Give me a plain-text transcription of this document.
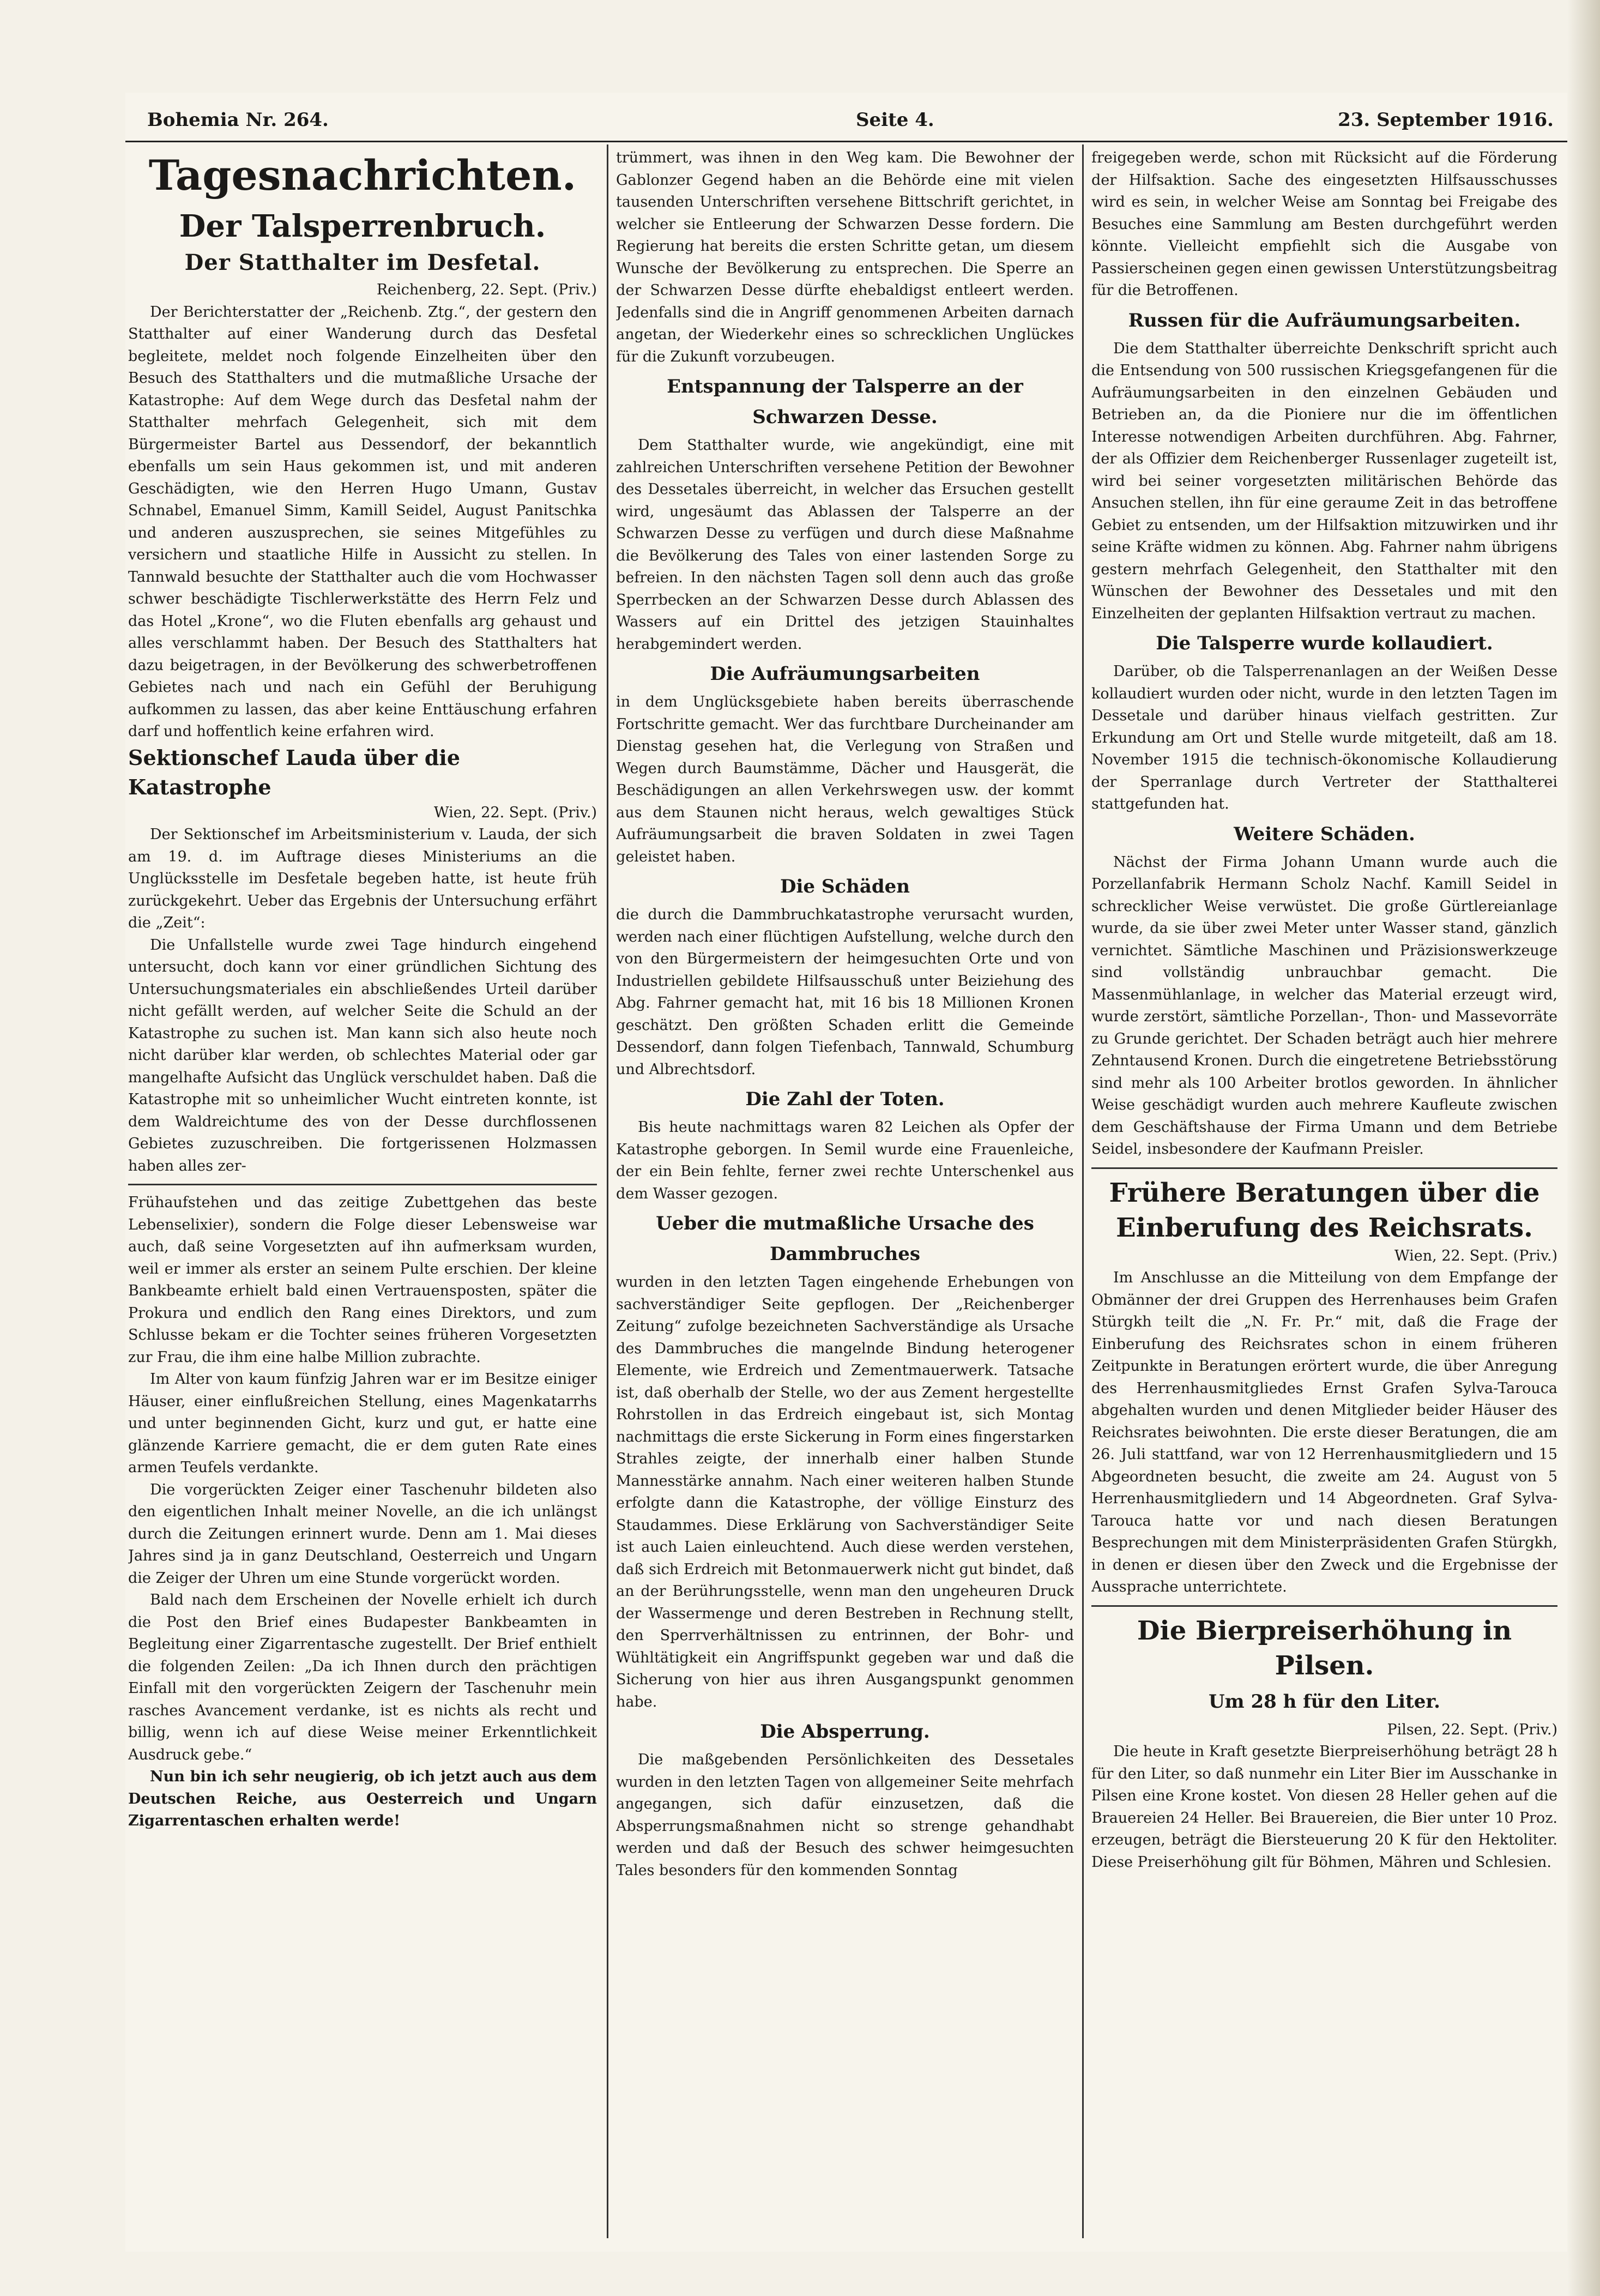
Bohemia Nr. 264.	Seite 4.	23. September 1916.
Tagesnachrichten.
Der Talsperrenbruch.
Der Statthalter im Desfetal.

Reichenberg, 22. Sept. (Priv.)

Der Berichterstatter der „Reichenb. Ztg.“, der gestern den Statthalter auf einer Wanderung durch das Desfetal begleitete, meldet noch folgende Einzelheiten über den Besuch des Statthalters und die mutmaßliche Ursache der Katastrophe: Auf dem Wege durch das Desfetal nahm der Statthalter mehrfach Gelegenheit, sich mit dem Bürgermeister Bartel aus Dessendorf, der bekanntlich ebenfalls um sein Haus gekommen ist, und mit anderen Geschädigten, wie den Herren Hugo Umann, Gustav Schnabel, Emanuel Simm, Kamill Seidel, August Panitschka und anderen auszusprechen, sie seines Mitgefühles zu versichern und staatliche Hilfe in Aussicht zu stellen. In Tannwald besuchte der Statthalter auch die vom Hochwasser schwer beschädigte Tischlerwerkstätte des Herrn Felz und das Hotel „Krone“, wo die Fluten ebenfalls arg gehaust und alles verschlammt haben. Der Besuch des Statthalters hat dazu beigetragen, in der Bevölkerung des schwerbetroffenen Gebietes nach und nach ein Gefühl der Beruhigung aufkommen zu lassen, das aber keine Enttäuschung erfahren darf und hoffentlich keine erfahren wird.

Sektionschef Lauda über die Katastrophe

Wien, 22. Sept. (Priv.)

Der Sektionschef im Arbeitsministerium v. Lauda, der sich am 19. d. im Auftrage dieses Ministeriums an die Unglücksstelle im Desfetale begeben hatte, ist heute früh zurückgekehrt. Ueber das Ergebnis der Untersuchung erfährt die „Zeit“:

Die Unfallstelle wurde zwei Tage hindurch eingehend untersucht, doch kann vor einer gründlichen Sichtung des Untersuchungsmateriales ein abschließendes Urteil darüber nicht gefällt werden, auf welcher Seite die Schuld an der Katastrophe zu suchen ist. Man kann sich also heute noch nicht darüber klar werden, ob schlechtes Material oder gar mangelhafte Aufsicht das Unglück verschuldet haben. Daß die Katastrophe mit so unheimlicher Wucht eintreten konnte, ist dem Waldreichtume des von der Desse durchflossenen Gebietes zuzuschreiben. Die fortgerissenen Holzmassen haben alles zer-

Frühaufstehen und das zeitige Zubettgehen das beste Lebenselixier), sondern die Folge dieser Lebensweise war auch, daß seine Vorgesetzten auf ihn aufmerksam wurden, weil er immer als erster an seinem Pulte erschien. Der kleine Bankbeamte erhielt bald einen Vertrauensposten, später die Prokura und endlich den Rang eines Direktors, und zum Schlusse bekam er die Tochter seines früheren Vorgesetzten zur Frau, die ihm eine halbe Million zubrachte.

Im Alter von kaum fünfzig Jahren war er im Besitze einiger Häuser, einer einflußreichen Stellung, eines Magenkatarrhs und unter beginnenden Gicht, kurz und gut, er hatte eine glänzende Karriere gemacht, die er dem guten Rate eines armen Teufels verdankte.

Die vorgerückten Zeiger einer Taschenuhr bildeten also den eigentlichen Inhalt meiner Novelle, an die ich unlängst durch die Zeitungen erinnert wurde. Denn am 1. Mai dieses Jahres sind ja in ganz Deutschland, Oesterreich und Ungarn die Zeiger der Uhren um eine Stunde vorgerückt worden.

Bald nach dem Erscheinen der Novelle erhielt ich durch die Post den Brief eines Budapester Bankbeamten in Begleitung einer Zigarrentasche zugestellt. Der Brief enthielt die folgenden Zeilen: „Da ich Ihnen durch den prächtigen Einfall mit den vorgerückten Zeigern der Taschenuhr mein rasches Avancement verdanke, ist es nichts als recht und billig, wenn ich auf diese Weise meiner Erkenntlichkeit Ausdruck gebe.“

Nun bin ich sehr neugierig, ob ich jetzt auch aus dem Deutschen Reiche, aus Oesterreich und Ungarn Zigarrentaschen erhalten werde!

trümmert, was ihnen in den Weg kam. Die Bewohner der Gablonzer Gegend haben an die Behörde eine mit vielen tausenden Unterschriften versehene Bittschrift gerichtet, in welcher sie Entleerung der Schwarzen Desse fordern. Die Regierung hat bereits die ersten Schritte getan, um diesem Wunsche der Bevölkerung zu entsprechen. Die Sperre an der Schwarzen Desse dürfte ehebaldigst entleert werden. Jedenfalls sind die in Angriff genommenen Arbeiten darnach angetan, der Wiederkehr eines so schrecklichen Unglückes für die Zukunft vorzubeugen.

Entspannung der Talsperre an der Schwarzen Desse.

Dem Statthalter wurde, wie angekündigt, eine mit zahlreichen Unterschriften versehene Petition der Bewohner des Dessetales überreicht, in welcher das Ersuchen gestellt wird, ungesäumt das Ablassen der Talsperre an der Schwarzen Desse zu verfügen und durch diese Maßnahme die Bevölkerung des Tales von einer lastenden Sorge zu befreien. In den nächsten Tagen soll denn auch das große Sperrbecken an der Schwarzen Desse durch Ablassen des Wassers auf ein Drittel des jetzigen Stauinhaltes herabgemindert werden.

Die Aufräumungsarbeiten

in dem Unglücksgebiete haben bereits überraschende Fortschritte gemacht. Wer das furchtbare Durcheinander am Dienstag gesehen hat, die Verlegung von Straßen und Wegen durch Baumstämme, Dächer und Hausgerät, die Beschädigungen an allen Verkehrswegen usw. der kommt aus dem Staunen nicht heraus, welch gewaltiges Stück Aufräumungsarbeit die braven Soldaten in zwei Tagen geleistet haben.

Die Schäden

die durch die Dammbruchkatastrophe verursacht wurden, werden nach einer flüchtigen Aufstellung, welche durch den von den Bürgermeistern der heimgesuchten Orte und von Industriellen gebildete Hilfsausschuß unter Beiziehung des Abg. Fahrner gemacht hat, mit 16 bis 18 Millionen Kronen geschätzt. Den größten Schaden erlitt die Gemeinde Dessendorf, dann folgen Tiefenbach, Tannwald, Schumburg und Albrechtsdorf.

Die Zahl der Toten.

Bis heute nachmittags waren 82 Leichen als Opfer der Katastrophe geborgen. In Semil wurde eine Frauenleiche, der ein Bein fehlte, ferner zwei rechte Unterschenkel aus dem Wasser gezogen.

Ueber die mutmaßliche Ursache des Dammbruches

wurden in den letzten Tagen eingehende Erhebungen von sachverständiger Seite gepflogen. Der „Reichenberger Zeitung“ zufolge bezeichneten Sachverständige als Ursache des Dammbruches die mangelnde Bindung heterogener Elemente, wie Erdreich und Zementmauerwerk. Tatsache ist, daß oberhalb der Stelle, wo der aus Zement hergestellte Rohrstollen in das Erdreich eingebaut ist, sich Montag nachmittags die erste Sickerung in Form eines fingerstarken Strahles zeigte, der innerhalb einer halben Stunde Mannesstärke annahm. Nach einer weiteren halben Stunde erfolgte dann die Katastrophe, der völlige Einsturz des Staudammes. Diese Erklärung von Sachverständiger Seite ist auch Laien einleuchtend. Auch diese werden verstehen, daß sich Erdreich mit Betonmauerwerk nicht gut bindet, daß an der Berührungsstelle, wenn man den ungeheuren Druck der Wassermenge und deren Bestreben in Rechnung stellt, den Sperrverhältnissen zu entrinnen, der Bohr- und Wühltätigkeit ein Angriffspunkt gegeben war und daß die Sicherung von hier aus ihren Ausgangspunkt genommen habe.

Die Absperrung.

Die maßgebenden Persönlichkeiten des Dessetales wurden in den letzten Tagen von allgemeiner Seite mehrfach angegangen, sich dafür einzusetzen, daß die Absperrungsmaßnahmen nicht so strenge gehandhabt werden und daß der Besuch des schwer heimgesuchten Tales besonders für den kommenden Sonntag

freigegeben werde, schon mit Rücksicht auf die Förderung der Hilfsaktion. Sache des eingesetzten Hilfsausschusses wird es sein, in welcher Weise am Sonntag bei Freigabe des Besuches eine Sammlung am Besten durchgeführt werden könnte. Vielleicht empfiehlt sich die Ausgabe von Passierscheinen gegen einen gewissen Unterstützungsbeitrag für die Betroffenen.

Russen für die Aufräumungsarbeiten.

Die dem Statthalter überreichte Denkschrift spricht auch die Entsendung von 500 russischen Kriegsgefangenen für die Aufräumungsarbeiten in den einzelnen Gebäuden und Betrieben an, da die Pioniere nur die im öffentlichen Interesse notwendigen Arbeiten durchführen. Abg. Fahrner, der als Offizier dem Reichenberger Russenlager zugeteilt ist, wird bei seiner vorgesetzten militärischen Behörde das Ansuchen stellen, ihn für eine geraume Zeit in das betroffene Gebiet zu entsenden, um der Hilfsaktion mitzuwirken und ihr seine Kräfte widmen zu können. Abg. Fahrner nahm übrigens gestern mehrfach Gelegenheit, den Statthalter mit den Wünschen der Bewohner des Dessetales und mit den Einzelheiten der geplanten Hilfsaktion vertraut zu machen.

Die Talsperre wurde kollaudiert.

Darüber, ob die Talsperrenanlagen an der Weißen Desse kollaudiert wurden oder nicht, wurde in den letzten Tagen im Dessetale und darüber hinaus vielfach gestritten. Zur Erkundung am Ort und Stelle wurde mitgeteilt, daß am 18. November 1915 die technisch-ökonomische Kollaudierung der Sperranlage durch Vertreter der Statthalterei stattgefunden hat.

Weitere Schäden.

Nächst der Firma Johann Umann wurde auch die Porzellanfabrik Hermann Scholz Nachf. Kamill Seidel in schrecklicher Weise verwüstet. Die große Gürtlereianlage wurde, da sie über zwei Meter unter Wasser stand, gänzlich vernichtet. Sämtliche Maschinen und Präzisionswerkzeuge sind vollständig unbrauchbar gemacht. Die Massenmühlanlage, in welcher das Material erzeugt wird, wurde zerstört, sämtliche Porzellan-, Thon- und Massevorräte zu Grunde gerichtet. Der Schaden beträgt auch hier mehrere Zehntausend Kronen. Durch die eingetretene Betriebsstörung sind mehr als 100 Arbeiter brotlos geworden. In ähnlicher Weise geschädigt wurden auch mehrere Kaufleute zwischen dem Geschäftshause der Firma Umann und dem Betriebe Seidel, insbesondere der Kaufmann Preisler.

Frühere Beratungen über die Einberufung des Reichsrats.

Wien, 22. Sept. (Priv.)

Im Anschlusse an die Mitteilung von dem Empfange der Obmänner der drei Gruppen des Herrenhauses beim Grafen Stürgkh teilt die „N. Fr. Pr.“ mit, daß die Frage der Einberufung des Reichsrates schon in einem früheren Zeitpunkte in Beratungen erörtert wurde, die über Anregung des Herrenhausmitgliedes Ernst Grafen Sylva-Tarouca abgehalten wurden und denen Mitglieder beider Häuser des Reichsrates beiwohnten. Die erste dieser Beratungen, die am 26. Juli stattfand, war von 12 Herrenhausmitgliedern und 15 Abgeordneten besucht, die zweite am 24. August von 5 Herrenhausmitgliedern und 14 Abgeordneten. Graf Sylva-Tarouca hatte vor und nach diesen Beratungen Besprechungen mit dem Ministerpräsidenten Grafen Stürgkh, in denen er diesen über den Zweck und die Ergebnisse der Aussprache unterrichtete.

Die Bierpreiserhöhung in Pilsen.
Um 28 h für den Liter.

Pilsen, 22. Sept. (Priv.)

Die heute in Kraft gesetzte Bierpreiserhöhung beträgt 28 h für den Liter, so daß nunmehr ein Liter Bier im Ausschanke in Pilsen eine Krone kostet. Von diesen 28 Heller gehen auf die Brauereien 24 Heller. Bei Brauereien, die Bier unter 10 Proz. erzeugen, beträgt die Biersteuerung 20 K für den Hektoliter. Diese Preiserhöhung gilt für Böhmen, Mähren und Schlesien.
